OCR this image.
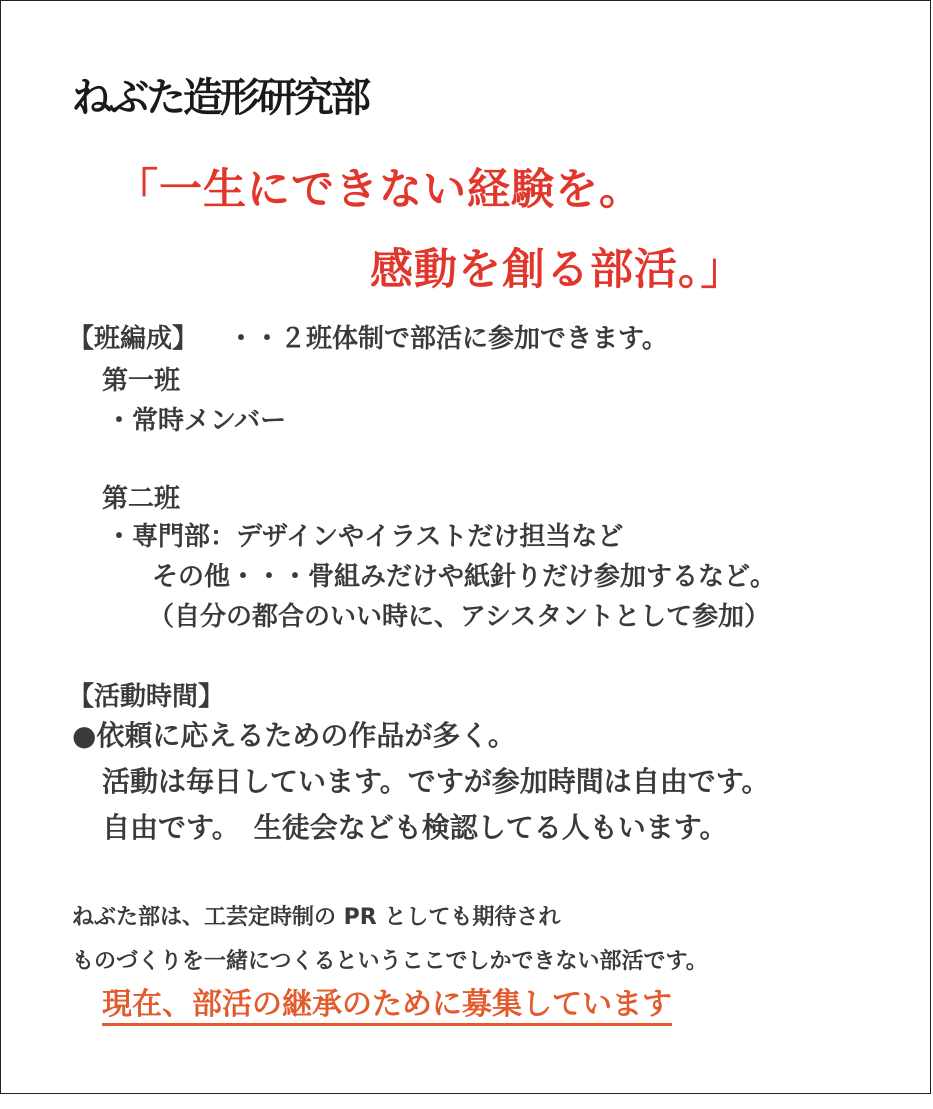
ねぶた造形研究部

「一生にできない経験を。

感動を創る部活。」

【班編成】 ・・２班体制で部活に参加できます。

第一班

・常時メンバー

第二班

・専門部：デザインやイラストだけ担当など

その他・・・骨組みだけや紙針りだけ参加するなど。

（自分の都合のいい時に、アシスタントとして参加）

【活動時間】

●依頼に応えるための作品が多く。

活動は毎日しています。ですが参加時間は自由です。

自由です。　生徒会なども検認してる人もいます。

ねぶた部は、工芸定時制の PR としても期待され

ものづくりを一緒につくるというここでしかできない部活です。

現在、部活の継承のために募集しています
